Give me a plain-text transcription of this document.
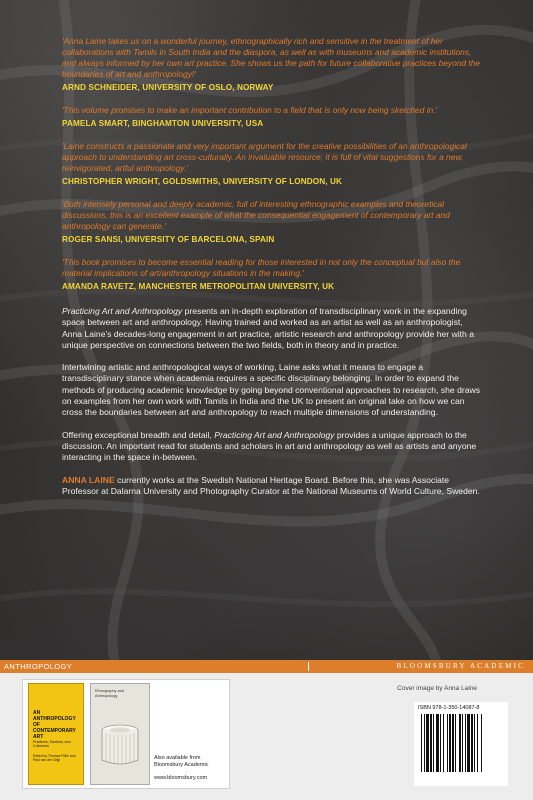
'Anna Laine takes us on a wonderful journey, ethnographically rich and sensitive in the treatment of her collaborations with Tamils in South India and the diaspora, as well as with museums and academic institutions, and always informed by her own art practice. She shows us the path for future collaborative practices beyond the boundaries of art and anthropology!'

ARND SCHNEIDER, UNIVERSITY OF OSLO, NORWAY

'This volume promises to make an important contribution to a field that is only now being sketched in.'

PAMELA SMART, BINGHAMTON UNIVERSITY, USA

'Laine constructs a passionate and very important argument for the creative possibilities of an anthropological approach to understanding art cross-culturally. An invaluable resource, it is full of vital suggestions for a new, reinvigorated, artful anthropology.'

CHRISTOPHER WRIGHT, GOLDSMITHS, UNIVERSITY OF LONDON, UK

'Both intensely personal and deeply academic, full of interesting ethnographic examples and theoretical discussions, this is an excellent example of what the consequential engagement of contemporary art and anthropology can generate.'

ROGER SANSI, UNIVERSITY OF BARCELONA, SPAIN

'This book promises to become essential reading for those interested in not only the conceptual but also the material implications of art/anthropology situations in the making.'

AMANDA RAVETZ, MANCHESTER METROPOLITAN UNIVERSITY, UK

Practicing Art and Anthropology presents an in-depth exploration of transdisciplinary work in the expanding space between art and anthropology. Having trained and worked as an artist as well as an anthropologist, Anna Laine's decades-long engagement in art practice, artistic research and anthropology provide her with a unique perspective on connections between the two fields, both in theory and in practice.

Intertwining artistic and anthropological ways of working, Laine asks what it means to engage a transdisciplinary stance when academia requires a specific disciplinary belonging. In order to expand the methods of producing academic knowledge by going beyond conventional approaches to research, she draws on examples from her own work with Tamils in India and the UK to present an original take on how we can cross the boundaries between art and anthropology to reach multiple dimensions of understanding.

Offering exceptional breadth and detail, Practicing Art and Anthropology provides a unique approach to the discussion. An important read for students and scholars in art and anthropology as well as artists and anyone interacting in the space in-between.

ANNA LAINE currently works at the Swedish National Heritage Board. Before this, she was Associate Professor at Dalarna University and Photography Curator at the National Museums of World Culture, Sweden.

ANTHROPOLOGY	BLOOMSBURY ACADEMIC
AN ANTHROPOLOGY OF CONTEMPORARY ART
Practices, Markets, and Collectors
Edited by Thomas Fillitz and Paul van der Grijp
Ethnography and Anthropology
Also available from Bloomsbury Academic
www.bloomsbury.com
Cover image by Anna Laine
ISBN 978-1-350-14087-8
